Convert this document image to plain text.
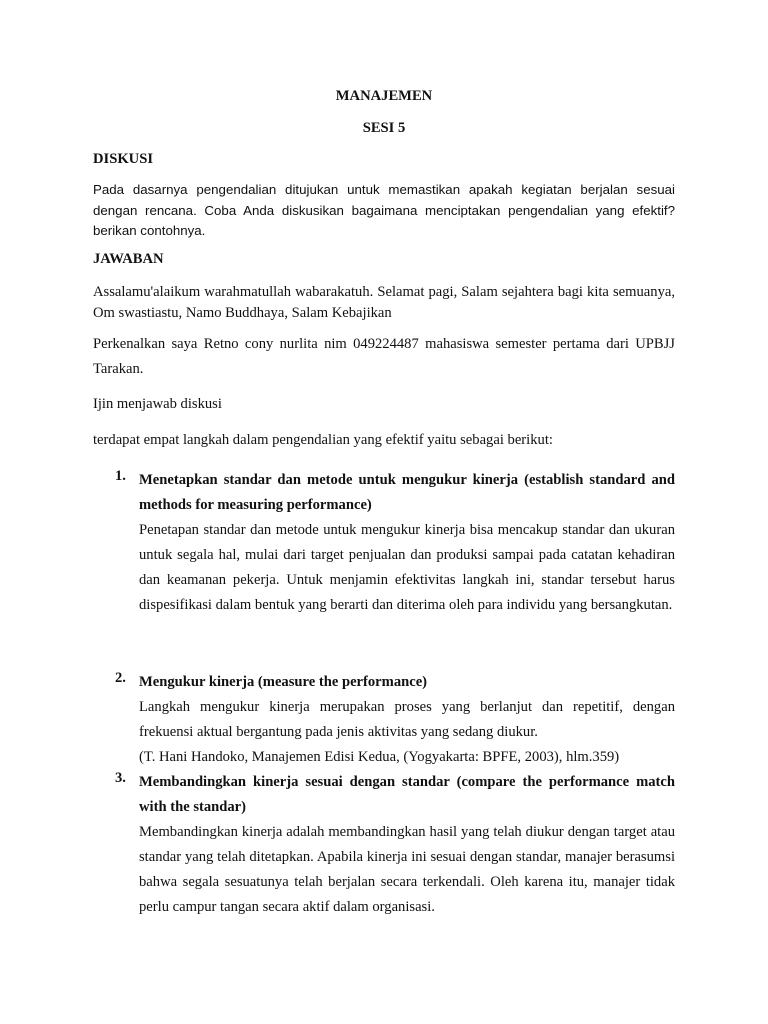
MANAJEMEN

SESI 5

DISKUSI

Pada dasarnya pengendalian ditujukan untuk memastikan apakah kegiatan berjalan sesuai dengan rencana. Coba Anda diskusikan bagaimana menciptakan pengendalian yang efektif? berikan contohnya.

JAWABAN

Assalamu'alaikum warahmatullah wabarakatuh. Selamat pagi, Salam sejahtera bagi kita semuanya, Om swastiastu, Namo Buddhaya, Salam Kebajikan

Perkenalkan saya Retno cony nurlita nim 049224487 mahasiswa semester pertama dari UPBJJ Tarakan.

Ijin menjawab diskusi

terdapat empat langkah dalam pengendalian yang efektif yaitu sebagai berikut:

1. Menetapkan standar dan metode untuk mengukur kinerja (establish standard and methods for measuring performance)

Penetapan standar dan metode untuk mengukur kinerja bisa mencakup standar dan ukuran untuk segala hal, mulai dari target penjualan dan produksi sampai pada catatan kehadiran dan keamanan pekerja. Untuk menjamin efektivitas langkah ini, standar tersebut harus dispesifikasi dalam bentuk yang berarti dan diterima oleh para individu yang bersangkutan.

2. Mengukur kinerja (measure the performance)

Langkah mengukur kinerja merupakan proses yang berlanjut dan repetitif, dengan frekuensi aktual bergantung pada jenis aktivitas yang sedang diukur.

(T. Hani Handoko, Manajemen Edisi Kedua, (Yogyakarta: BPFE, 2003), hlm.359)

3. Membandingkan kinerja sesuai dengan standar (compare the performance match with the standar)

Membandingkan kinerja adalah membandingkan hasil yang telah diukur dengan target atau standar yang telah ditetapkan. Apabila kinerja ini sesuai dengan standar, manajer berasumsi bahwa segala sesuatunya telah berjalan secara terkendali. Oleh karena itu, manajer tidak perlu campur tangan secara aktif dalam organisasi.
